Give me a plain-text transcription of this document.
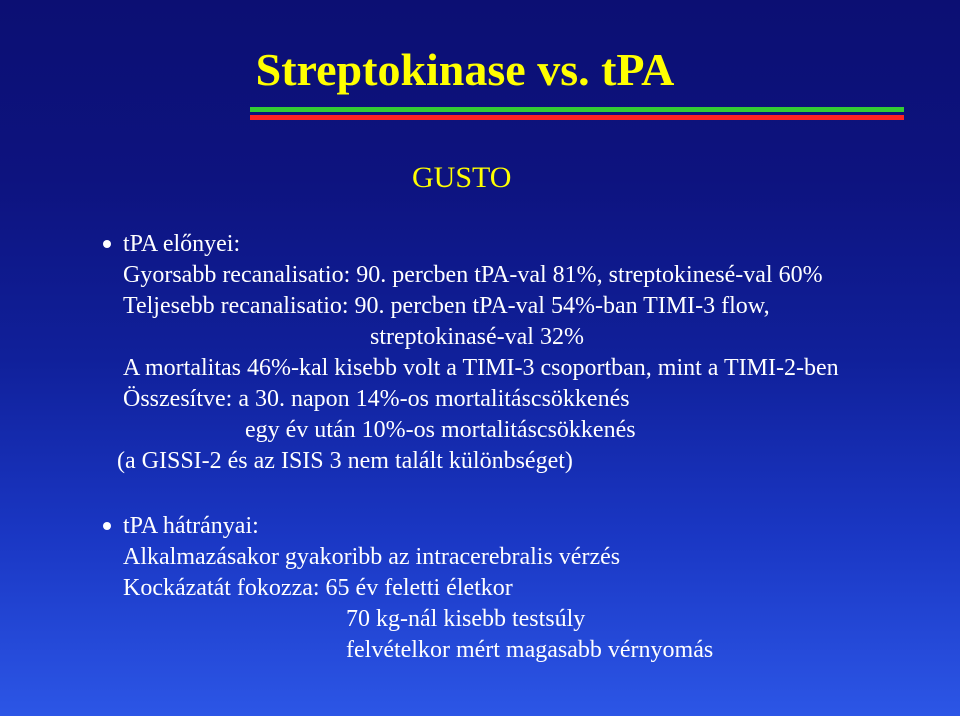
Streptokinase vs. tPA
GUSTO
tPA előnyei:
Gyorsabb recanalisatio: 90. percben tPA-val 81%, streptokinesé-val 60%
Teljesebb recanalisatio: 90. percben tPA-val 54%-ban TIMI-3 flow,
streptokinasé-val 32%
A mortalitas 46%-kal kisebb volt a TIMI-3 csoportban, mint a TIMI-2-ben
Összesítve: a 30. napon 14%-os mortalitáscsökkenés
egy év után 10%-os mortalitáscsökkenés
(a GISSI-2 és az ISIS 3 nem talált különbséget)
tPA hátrányai:
Alkalmazásakor gyakoribb az intracerebralis vérzés
Kockázatát fokozza: 65 év feletti életkor
70 kg-nál kisebb testsúly
felvételkor mért magasabb vérnyomás
